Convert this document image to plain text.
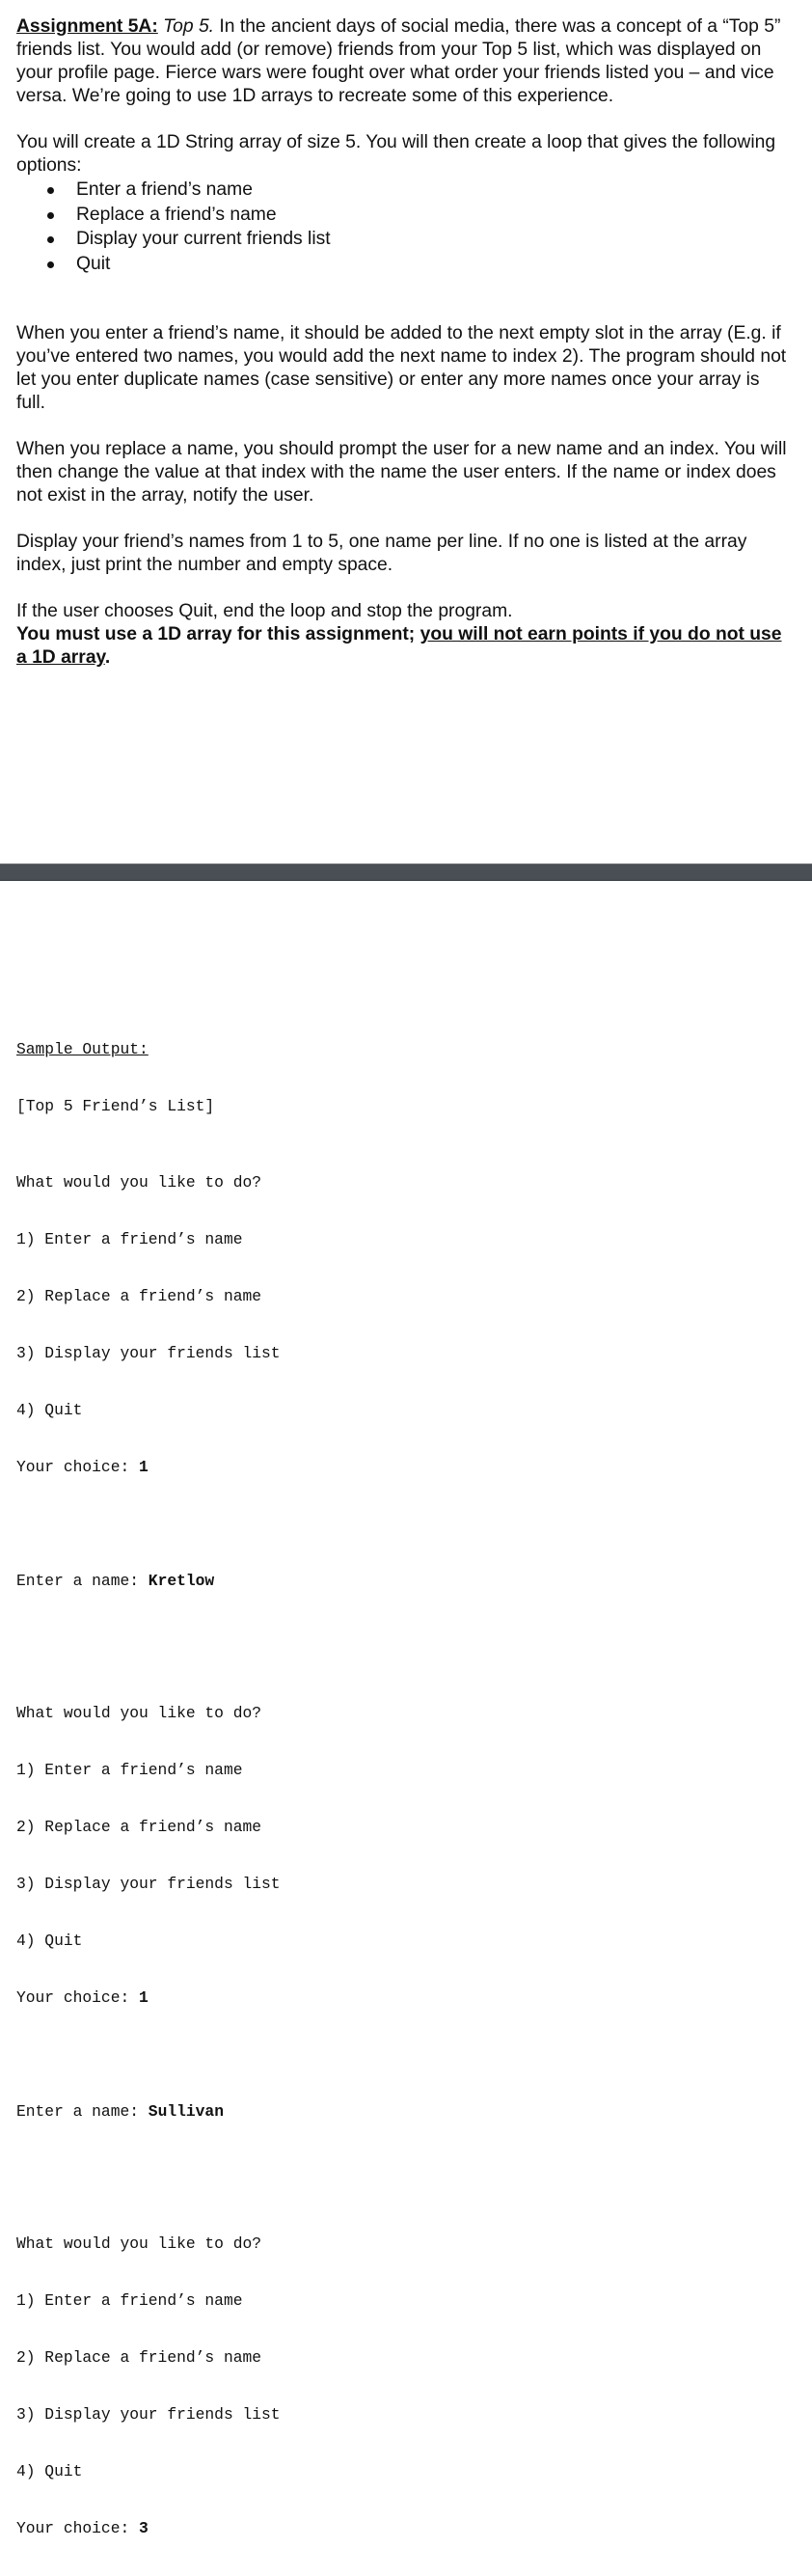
Assignment 5A: Top 5. In the ancient days of social media, there was a concept of a “Top 5” friends list. You would add (or remove) friends from your Top 5 list, which was displayed on your profile page. Fierce wars were fought over what order your friends listed you – and vice versa. We’re going to use 1D arrays to recreate some of this experience.

You will create a 1D String array of size 5. You will then create a loop that gives the following options:

Enter a friend’s name
Replace a friend’s name
Display your current friends list
Quit

When you enter a friend’s name, it should be added to the next empty slot in the array (E.g. if you’ve entered two names, you would add the next name to index 2). The program should not let you enter duplicate names (case sensitive) or enter any more names once your array is full.

When you replace a name, you should prompt the user for a new name and an index. You will then change the value at that index with the name the user enters. If the name or index does not exist in the array, notify the user.

Display your friend’s names from 1 to 5, one name per line. If no one is listed at the array index, just print the number and empty space.

If the user chooses Quit, end the loop and stop the program.

You must use a 1D array for this assignment; you will not earn points if you do not use a 1D array.

Sample Output:

[Top 5 Friend’s List]

What would you like to do?

1) Enter a friend’s name

2) Replace a friend’s name

3) Display your friends list

4) Quit

Your choice: 1

Enter a name: Kretlow

What would you like to do?

1) Enter a friend’s name

2) Replace a friend’s name

3) Display your friends list

4) Quit

Your choice: 1

Enter a name: Sullivan

What would you like to do?

1) Enter a friend’s name

2) Replace a friend’s name

3) Display your friends list

4) Quit

Your choice: 3
